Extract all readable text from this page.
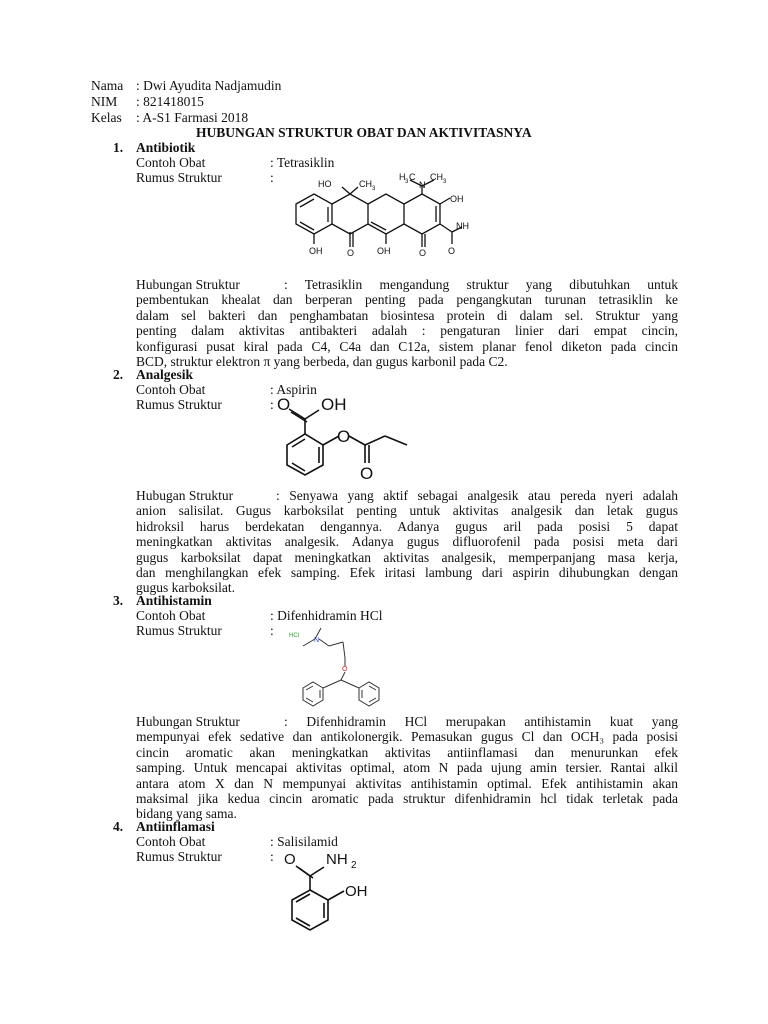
Nama : Dwi Ayudita Nadjamudin
NIM : 821418015
Kelas : A-S1 Farmasi 2018
HUBUNGAN STRUKTUR OBAT DAN AKTIVITASNYA
1. Antibiotik
Contoh Obat	: Tetrasiklin
Rumus Struktur	:	HO	CH 3
H 3 C
N
CH 3
OH
OH	O	OH	O O
NH
Hubungan Struktur	: Tetrasiklin mengandung struktur yang dibutuhkan untuk
pembentukan khealat dan berperan penting pada pengangkutan turunan tetrasiklin ke
dalam sel bakteri dan penghambatan biosintesa protein di dalam sel. Struktur yang
penting dalam aktivitas antibakteri adalah : pengaturan linier dari empat cincin,
konfigurasi pusat kiral pada C4, C4a dan C12a, sistem planar fenol diketon pada cincin
BCD, struktur elektron π yang berbeda, dan gugus karbonil pada C2.
2. Analgesik
Contoh Obat	: Aspirin
Rumus Struktur	: O OH
O
O
Hubugan Struktur	: Senyawa yang aktif sebagai analgesik atau pereda nyeri adalah
anion salisilat. Gugus karboksilat penting untuk aktivitas analgesik dan letak gugus
hidroksil harus berdekatan dengannya. Adanya gugus aril pada posisi 5 dapat
meningkatkan aktivitas analgesik. Adanya gugus difluorofenil pada posisi meta dari
gugus karboksilat dapat meningkatkan aktivitas analgesik, memperpanjang masa kerja,
dan menghilangkan efek samping. Efek iritasi lambung dari aspirin dihubungkan dengan
gugus karboksilat.
3. Antihistamin
Contoh Obat	: Difenhidramin HCl
Rumus Struktur	:	HCl
N
O
Hubungan Struktur	: Difenhidramin HCl merupakan antihistamin kuat yang
mempunyai efek sedative dan antikolonergik. Pemasukan gugus Cl dan OCH₃ pada posisi
cincin aromatic akan meningkatkan aktivitas antiinflamasi dan menurunkan efek
samping. Untuk mencapai aktivitas optimal, atom N pada ujung amin tersier. Rantai alkil
antara atom X dan N mempunyai aktivitas antihistamin optimal. Efek antihistamin akan
maksimal jika kedua cincin aromatic pada struktur difenhidramin hcl tidak terletak pada
bidang yang sama.
4. Antiinflamasi
Contoh Obat	: Salisilamid
Rumus Struktur	: O NH 2
OH
